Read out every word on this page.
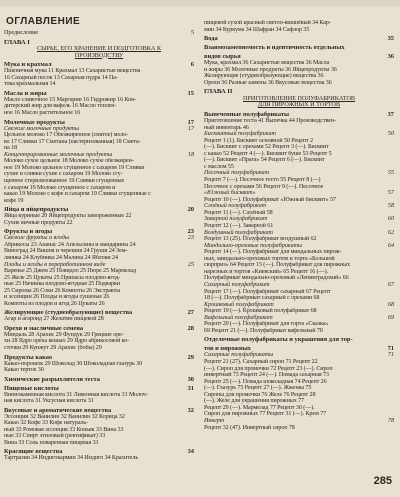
ОГЛАВЛЕНИЕ
Предисловие	5
ГЛАВА I
СЫРЬЕ, ЕГО ХРАНЕНИЕ И ПОДГОТОВКА К
ПРОИЗВОДСТВУ
Мука и крахмал	6
Пшеничная мука 11 Крахмал 13 Сахаристые вещества
16 Сахарный песок 13 Сахарная пудра 14 Па-
тока крахмальная 14
Масла и жиры	15
Масло сливочное 15 Маргарин 16 Гидрожир 16 Кон-
дитерский жир для вафель 16 Масло топлен-
ное 16 Масло растительное 16
Молочные продукты	17
Свежие молочные продукты	17
Цельное молоко 17 Обезжиренное (снятое) моло-
ко 17 Сливки 17 Сметана (пастеризованная) 18 Смета-
на 18
Концентрированные молочные продукты	18
Молоко сухое цельное 18 Молоко сухое обезжирен-
ное 19 Молоко цельное сгущенное с сахаром 19 Сливки
сухие и сливки сухие с сахаром 19 Молоко сгу-
щенное стерилизованное 19 Сливки сгущенные
с сахаром 19 Молоко сгущенное с сахаром и
какао 19 Молоко с кофе и сахаром 19 Сливки сгущенные с
кофе 19
Яйца и яйцепродукты	20
Яйца куриные 20 Яйцепродукты замороженные 22
Сухие яичные продукты 22
Фрукты и ягоды	23
Свежие фрукты и ягоды	23
Абрикосы 23 Ананас 24 Апельсины и мандарины 24
Виноград 24 Вишня и черешня 24 Груши 24 Зем-
ляника 24 Клубника 24 Малина 24 Яблоки 24
Плоды и ягоды в переработанном виде	25
Варенье 25 Джем 25 Повидло 25 Пюре 25 Мармелад
25 Желе 25 Цукаты 25 Припасы плодово-ягод-
ные 25 Начинка плодово-ягодная 25 Подварки
25 Сиропы 26 Соки 26 Компоты 26 Экстракты
и эссенции 26 Плоды и ягоды сушеные 26
Компоты из плодов и ягод 26 Цукаты 26
Желирующие (студнеобразующие) вещества	27
Агар и агароид 27 Желатин пищевой 28
Орехи и масличные семена	28
Миндаль 28 Арахис 29 Фундук 29 Грецкие оре-
хи 28 Ядро ореха кешью 29 Ядро абрикосовой ко-
сточки 29 Кунжут 29 Арахис (бобы) 29
Продукты какао	29
Какао-порошок 29 Шоколад 30 Шоколадная глазурь 30
Какао тертое 30
Химические разрыхлители теста	30
Пищевые кислоты	31
Виннокаменная кислота 31 Лимонная кислота 31 Молоч-
ная кислота 31 Уксусная кислота 31
Вкусовые и ароматические вещества	32
Эссенции 32 Ванилин 32 Ванилин 32 Корица 32
Какао 32 Кофе 33 Кофе натураль-
ный 33 Ромовая эссенция 33 Коньяк 33 Вина 33
ные 33 Спирт этиловый (ректификат) 33
Вина 33 Соль поваренная пищевая 33
Красящие вещества	34
Тартразин 34 Индигокармин 34 Индиго 34 Краситель
пищевой сухой красный светло-вишнёвый 34 Кар-
мин 34 Куркума 34 Шафран 34 Сафлор 35
Вода	35
Взаимозаменяемость и идентичность отдельных
видов сырья	36
Мука, крахмал 36 Сахаристые вещества 36 Масла
и жиры 36 Молочные продукты 36 Яйцепродукты 36
Желирующие (студнеобразующие) вещества 36
Орехи 36 Разные замены 36 Вкусовые вещества 36
ГЛАВА II
ПРИГОТОВЛЕНИЕ ПОЛУФАБРИКАТОВ
ДЛЯ ПИРОЖНЫХ И ТОРТОВ
Выпеченные полуфабрикаты	37
Приготовление теста 41 Выпечка 44 Производствен-
ный инвентарь 46
Бисквитный полуфабрикат	50
Рецепт 1 (1). Бисквит основной 50 Рецепт 2
(—). Бисквит с орехами 52 Рецепт 3 (—). Бисквит
с какао 52 Рецепт 4 (—). Бисквит буше 53 Рецепт 5
(—). Бисквит «Прага» 54 Рецепт 6 (—). Бисквит
с маслом 55
Песочный полуфабрикат	55
Рецепт 7 (—). Песочное тесто 55 Рецепт 8 (—)
Песочное с орехами 56 Рецепт 9 (—). Песочное
«Южный бисквит»	57
Рецепт 10 (—). Полуфабрикат «Южный бисквит» 57
Слоёный полуфабрикат	58
Рецепт 11 (—). Слоёный 58
Заварной полуфабрикат	60
Рецепт 12 (—). Заварной 61
Воздушный полуфабрикат	62
Рецепт 13 (25). Полуфабрикат воздушный 62
Миндально-ореховые полуфабрикаты	64
Рецепт 14 (—). Полуфабрикат для миндальных пирож-
ных, миндально-ореховых тортов и торта «Большой
сюрприз» 64 Рецепт 15 (—). Полуфабрикат для пирожных
нарезных и тортов «Киевский» 65 Рецепт 16 (—).
Полуфабрикат миндально-ореховый «Ленинградский» 66
Сахарный полуфабрикат	67
Рецепт 17 (—). Полуфабрикат сахарный 67 Рецепт
18 (—). Полуфабрикат сахарный с орехами 68
Крошковый полуфабрикат	68
Рецепт 19 (—). Крошковый полуфабрикат 68
Вафельный полуфабрикат	69
Рецепт 20 (—). Полуфабрикат для торта «Сказка»
69 Рецепт 21 (—). Полуфабрикат вафельный 70
Отделочные полуфабрикаты и украшения для тор-
тов и пирожных	71
Сахарные полуфабрикаты	71
Рецепт 21 (27). Сахарный сироп 71 Рецепт 22
(—). Сироп для промочки 72 Рецепт 23 (—). Сироп
инвертный 73 Рецепт 24 (—). Помада сахарная 73
Рецепт 25 (—). Помада шоколадная 74 Рецепт 26
(—). Глазурь 75 Рецепт 27 (—). Жженка 75
Сиропы для промочки 76 Желе 76 Рецепт 28
(—). Желе для украшения пирожных 77
Рецепт 29 (—). Мармелад 77 Рецепт 30 (—).
Сироп для пирожных 77 Рецепт 31 (—). Крем 77
Инверт	78
Рецепт 32 (47). Инвертный сироп 78
285
